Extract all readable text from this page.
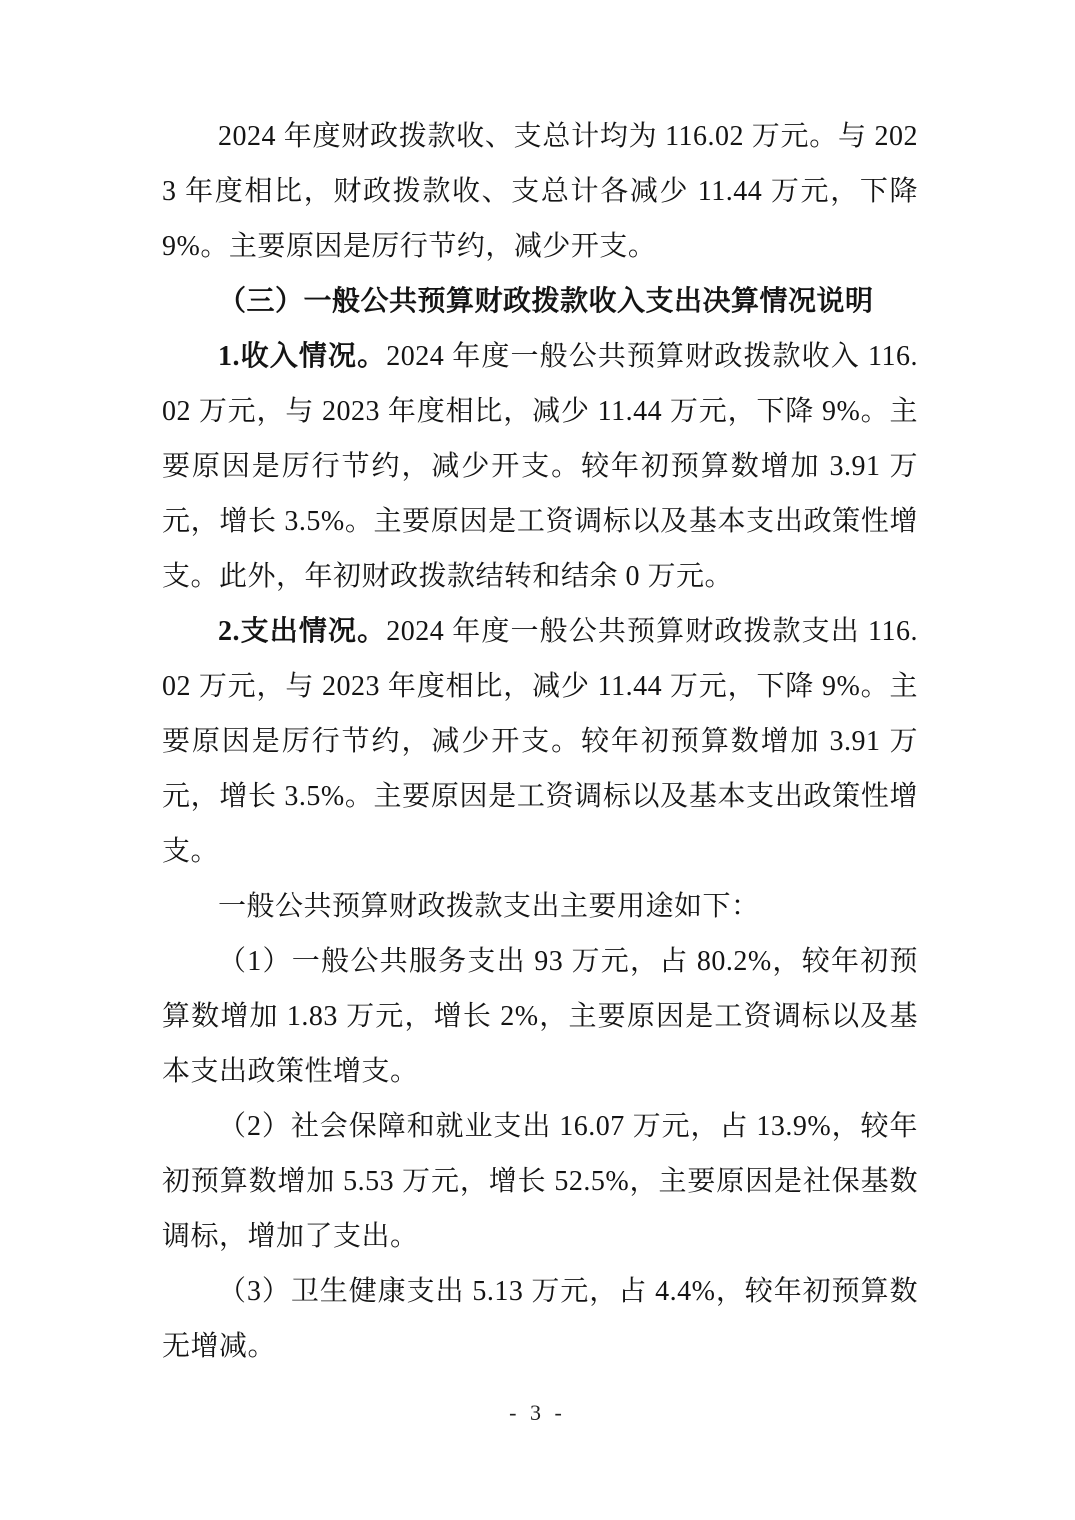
2024 年度财政拨款收、支总计均为 116.02 万元。与 2023 年度相比，财政拨款收、支总计各减少 11.44 万元，下降 9%。主要原因是厉行节约，减少开支。

（三）一般公共预算财政拨款收入支出决算情况说明

1.收入情况。2024 年度一般公共预算财政拨款收入 116.02 万元，与 2023 年度相比，减少 11.44 万元，下降 9%。主要原因是厉行节约，减少开支。较年初预算数增加 3.91 万元，增长 3.5%。主要原因是工资调标以及基本支出政策性增支。此外，年初财政拨款结转和结余 0 万元。

2.支出情况。2024 年度一般公共预算财政拨款支出 116.02 万元，与 2023 年度相比，减少 11.44 万元，下降 9%。主要原因是厉行节约，减少开支。较年初预算数增加 3.91 万元，增长 3.5%。主要原因是工资调标以及基本支出政策性增支。

一般公共预算财政拨款支出主要用途如下：

（1）一般公共服务支出 93 万元，占 80.2%，较年初预算数增加 1.83 万元，增长 2%，主要原因是工资调标以及基本支出政策性增支。

（2）社会保障和就业支出 16.07 万元，占 13.9%，较年初预算数增加 5.53 万元，增长 52.5%，主要原因是社保基数调标，增加了支出。

（3）卫生健康支出 5.13 万元，占 4.4%，较年初预算数无增减。

- 3 -
